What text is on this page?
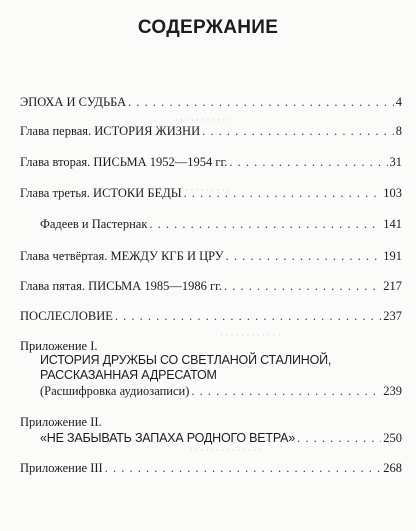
СОДЕРЖАНИЕ
· · · · · · · · · · ·
· · · · · · · · ·
· · · · · · · · · · · ·
· · · · · · · · · · · · · ·
ЭПОХА И СУДЬБА . . .	4
Глава первая. ИСТОРИЯ ЖИЗНИ . . .	8
Глава вторая. ПИСЬМА 1952—1954 гг. . . .	31
Глава третья. ИСТОКИ БЕДЫ . . .	103
Фадеев и Пастернак . . .	141
Глава четвёртая. МЕЖДУ КГБ И ЦРУ . . .	191
Глава пятая. ПИСЬМА 1985—1986 гг. . . .	217
ПОСЛЕСЛОВИЕ . . .	237
Приложение I.
ИСТОРИЯ ДРУЖБЫ СО СВЕТЛАНОЙ СТАЛИНОЙ,
РАССКАЗАННАЯ АДРЕСАТОМ
(Расшифровка аудиозаписи) . . .	239
Приложение II.
«НЕ ЗАБЫВАТЬ ЗАПАХА РОДНОГО ВЕТРА» . . .	250
Приложение III . . .	268
